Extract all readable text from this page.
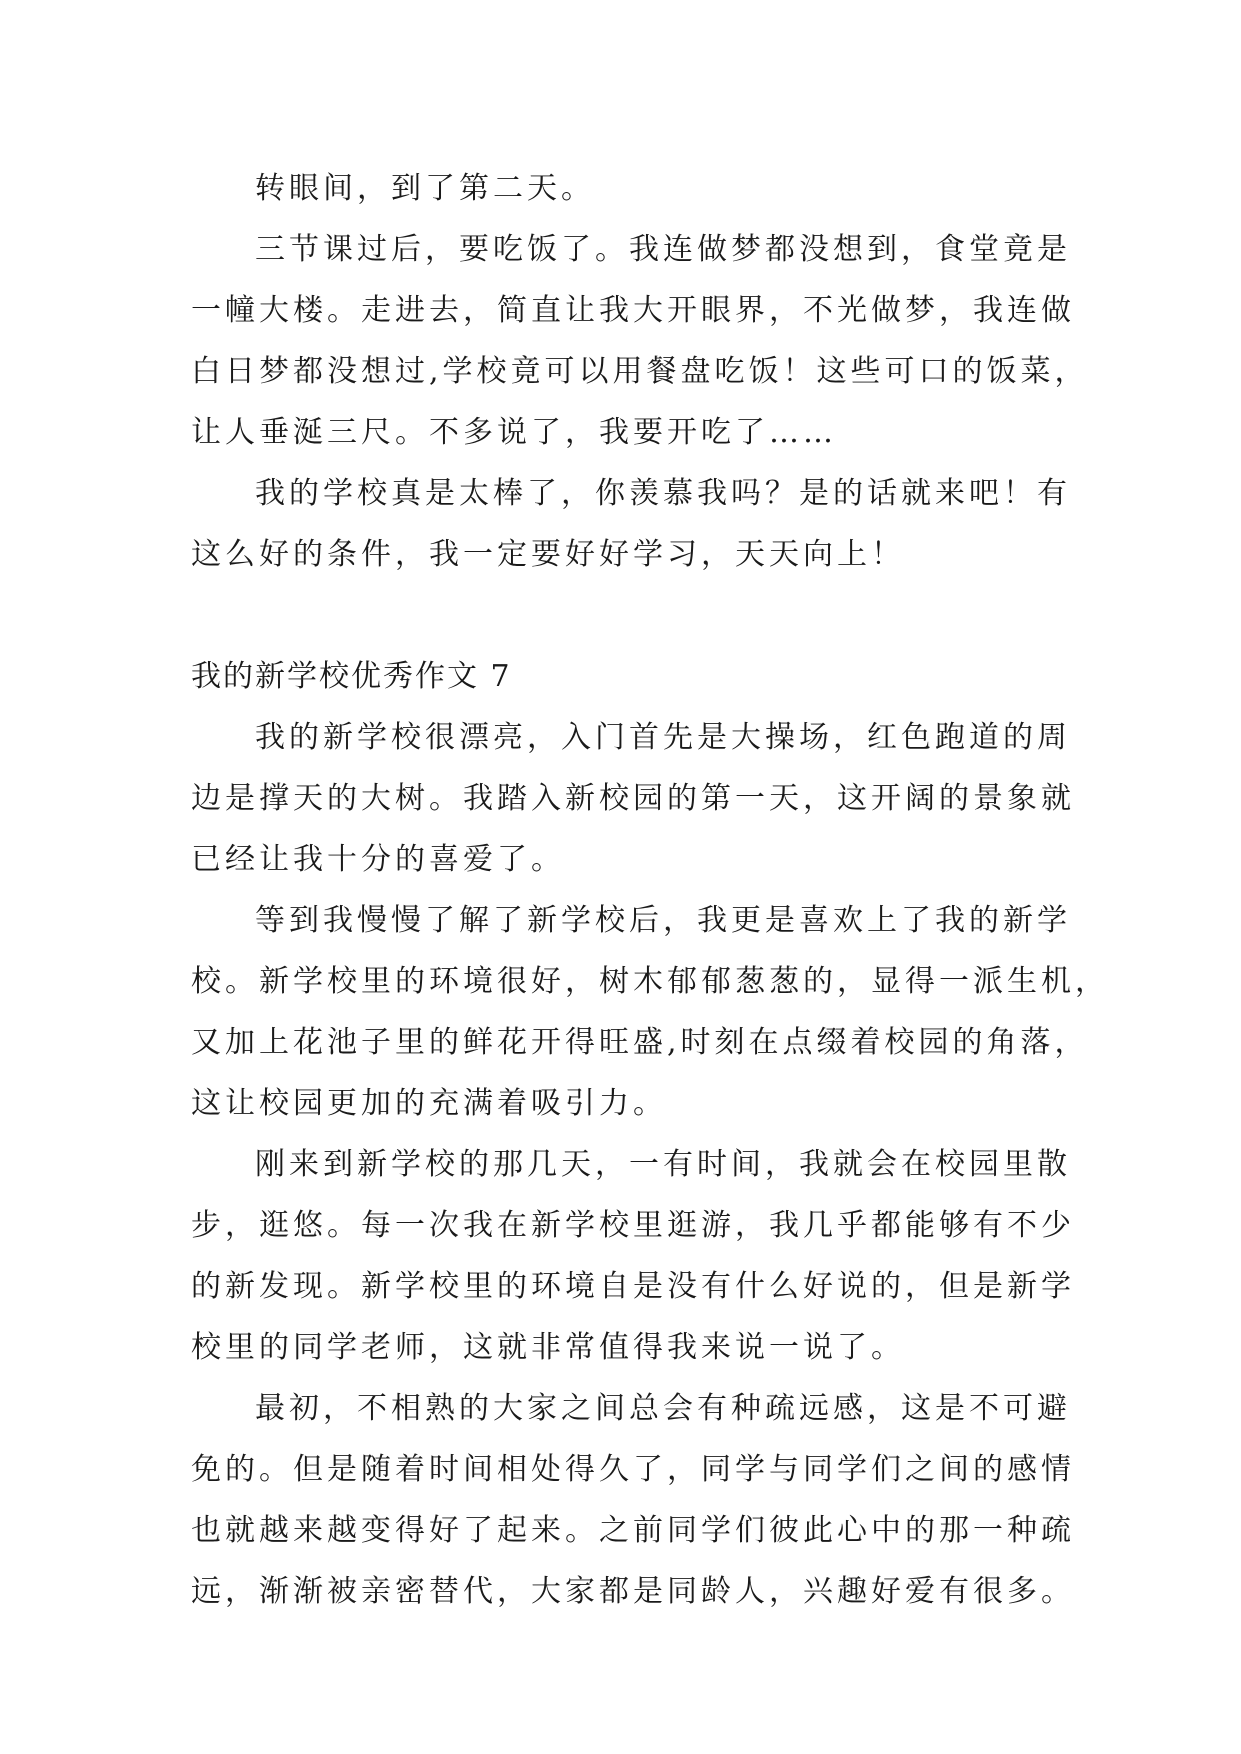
转眼间，到了第二天。
三节课过后，要吃饭了。我连做梦都没想到，食堂竟是
一幢大楼。走进去，简直让我大开眼界，不光做梦，我连做
白日梦都没想过,学校竟可以用餐盘吃饭！这些可口的饭菜，
让人垂涎三尺。不多说了，我要开吃了……
我的学校真是太棒了，你羡慕我吗？是的话就来吧！有
这么好的条件，我一定要好好学习，天天向上！
我的新学校优秀作文 7
我的新学校很漂亮，入门首先是大操场，红色跑道的周
边是撑天的大树。我踏入新校园的第一天，这开阔的景象就
已经让我十分的喜爱了。
等到我慢慢了解了新学校后，我更是喜欢上了我的新学
校。新学校里的环境很好，树木郁郁葱葱的，显得一派生机，
又加上花池子里的鲜花开得旺盛,时刻在点缀着校园的角落，
这让校园更加的充满着吸引力。
刚来到新学校的那几天，一有时间，我就会在校园里散
步，逛悠。每一次我在新学校里逛游，我几乎都能够有不少
的新发现。新学校里的环境自是没有什么好说的，但是新学
校里的同学老师，这就非常值得我来说一说了。
最初，不相熟的大家之间总会有种疏远感，这是不可避
免的。但是随着时间相处得久了，同学与同学们之间的感情
也就越来越变得好了起来。之前同学们彼此心中的那一种疏
远，渐渐被亲密替代，大家都是同龄人，兴趣好爱有很多。
